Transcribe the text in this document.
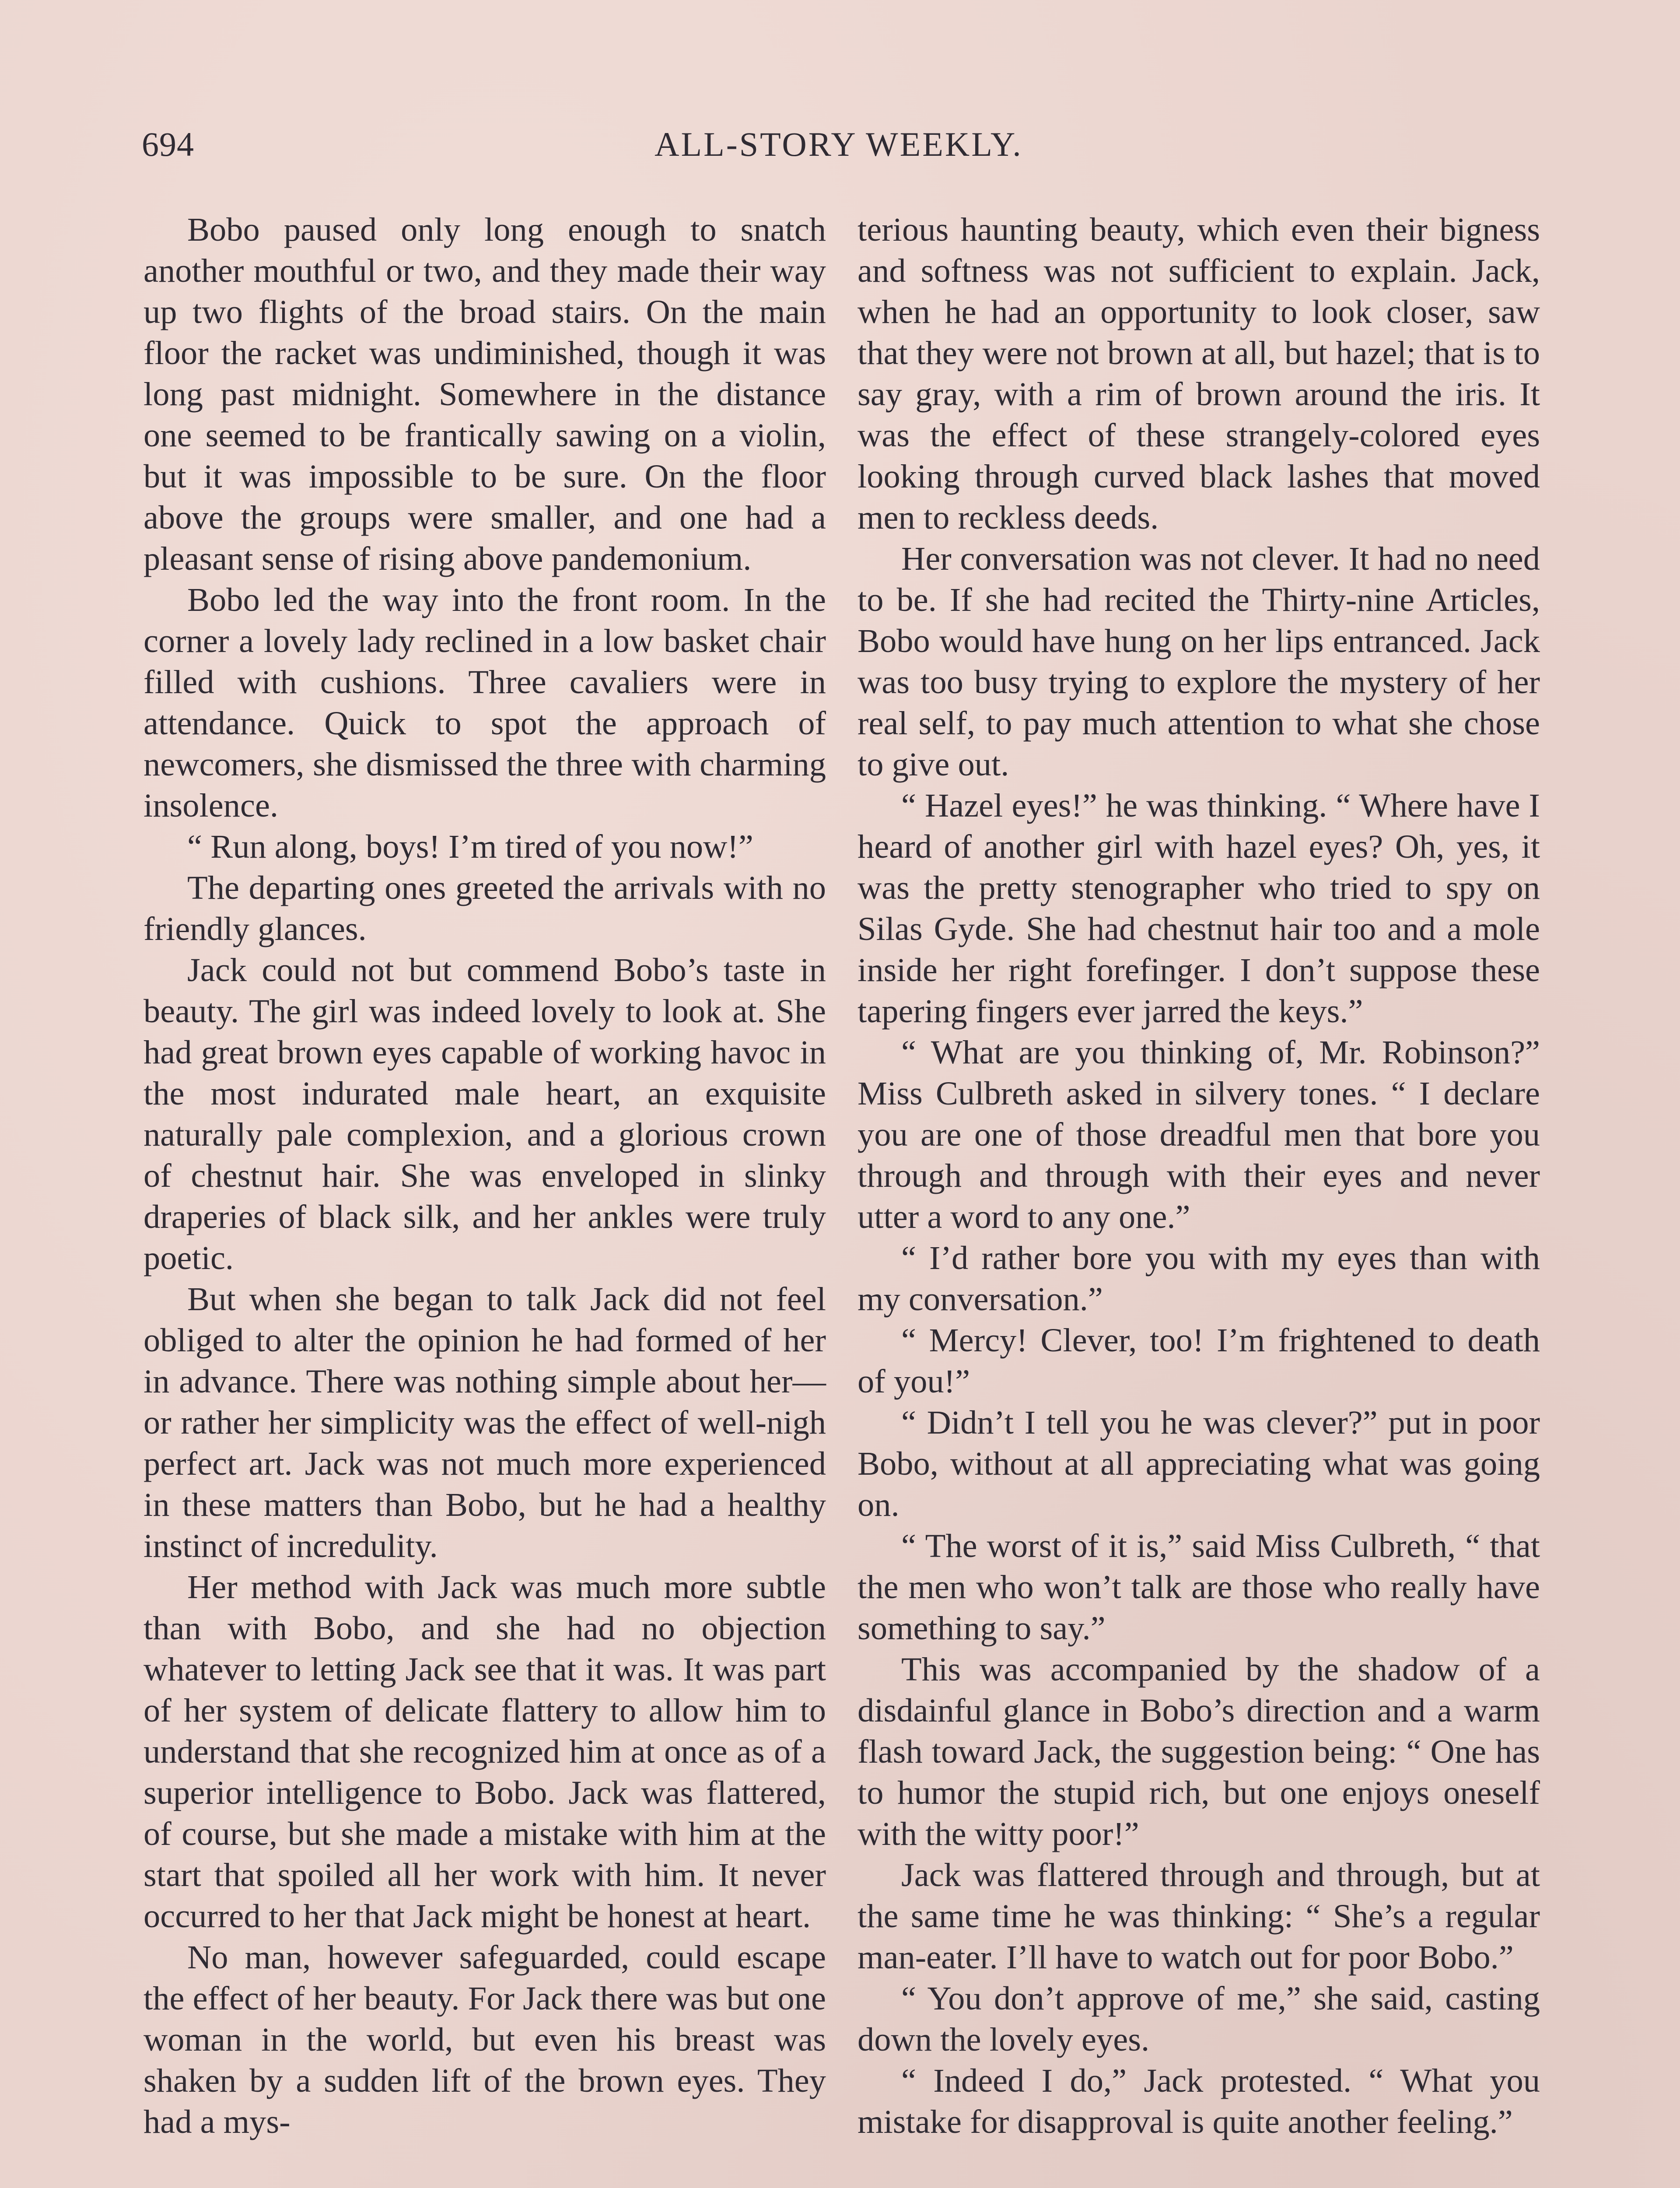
694	ALL-STORY WEEKLY.

Bobo paused only long enough to snatch another mouthful or two, and they made their way up two flights of the broad stairs. On the main floor the racket was undiminished, though it was long past midnight. Somewhere in the distance one seemed to be frantically sawing on a violin, but it was impossible to be sure. On the floor above the groups were smaller, and one had a pleasant sense of rising above pandemonium.

Bobo led the way into the front room. In the corner a lovely lady reclined in a low basket chair filled with cushions. Three cavaliers were in attendance. Quick to spot the approach of newcomers, she dismissed the three with charming insolence.

“ Run along, boys! I’m tired of you now!”

The departing ones greeted the arrivals with no friendly glances.

Jack could not but commend Bobo’s taste in beauty. The girl was indeed lovely to look at. She had great brown eyes capable of working havoc in the most indurated male heart, an exquisite naturally pale complexion, and a glorious crown of chestnut hair. She was enveloped in slinky draperies of black silk, and her ankles were truly poetic.

But when she began to talk Jack did not feel obliged to alter the opinion he had formed of her in advance. There was nothing simple about her—or rather her simplicity was the effect of well-nigh perfect art. Jack was not much more experienced in these matters than Bobo, but he had a healthy instinct of incredulity.

Her method with Jack was much more subtle than with Bobo, and she had no objection whatever to letting Jack see that it was. It was part of her system of delicate flattery to allow him to understand that she recognized him at once as of a superior intelligence to Bobo. Jack was flattered, of course, but she made a mistake with him at the start that spoiled all her work with him. It never occurred to her that Jack might be honest at heart.

No man, however safeguarded, could escape the effect of her beauty. For Jack there was but one woman in the world, but even his breast was shaken by a sudden lift of the brown eyes. They had a mys-

terious haunting beauty, which even their bigness and softness was not sufficient to explain. Jack, when he had an opportunity to look closer, saw that they were not brown at all, but hazel; that is to say gray, with a rim of brown around the iris. It was the effect of these strangely-colored eyes looking through curved black lashes that moved men to reckless deeds.

Her conversation was not clever. It had no need to be. If she had recited the Thirty-nine Articles, Bobo would have hung on her lips entranced. Jack was too busy trying to explore the mystery of her real self, to pay much attention to what she chose to give out.

“ Hazel eyes!” he was thinking. “ Where have I heard of another girl with hazel eyes? Oh, yes, it was the pretty stenographer who tried to spy on Silas Gyde. She had chestnut hair too and a mole inside her right forefinger. I don’t suppose these tapering fingers ever jarred the keys.”

“ What are you thinking of, Mr. Robinson?” Miss Culbreth asked in silvery tones. “ I declare you are one of those dreadful men that bore you through and through with their eyes and never utter a word to any one.”

“ I’d rather bore you with my eyes than with my conversation.”

“ Mercy! Clever, too! I’m frightened to death of you!”

“ Didn’t I tell you he was clever?” put in poor Bobo, without at all appreciating what was going on.

“ The worst of it is,” said Miss Culbreth, “ that the men who won’t talk are those who really have something to say.”

This was accompanied by the shadow of a disdainful glance in Bobo’s direction and a warm flash toward Jack, the suggestion being: “ One has to humor the stupid rich, but one enjoys oneself with the witty poor!”

Jack was flattered through and through, but at the same time he was thinking: “ She’s a regular man-eater. I’ll have to watch out for poor Bobo.”

“ You don’t approve of me,” she said, casting down the lovely eyes.

“ Indeed I do,” Jack protested. “ What you mistake for disapproval is quite another feeling.”
